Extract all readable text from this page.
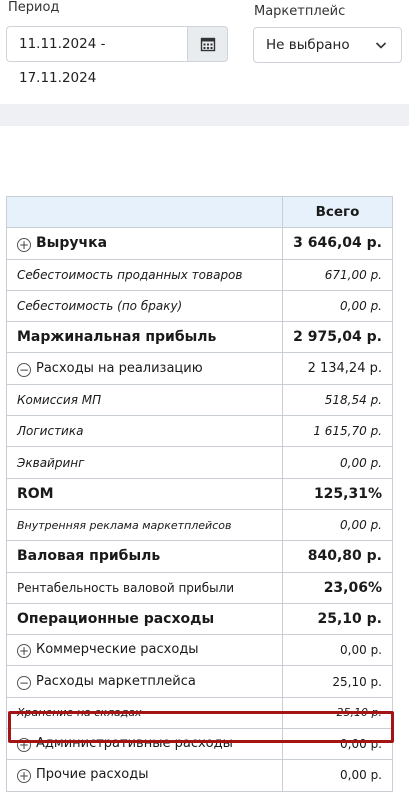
Период
11.11.2024 - 17.11.2024
Маркетплейс
Не выбрано
	Всего
+ Выручка	3 646,04 р.
Себестоимость проданных товаров	671,00 р.
Себестоимость (по браку)	0,00 р.
Маржинальная прибыль	2 975,04 р.
− Расходы на реализацию	2 134,24 р.
Комиссия МП	518,54 р.
Логистика	1 615,70 р.
Эквайринг	0,00 р.
ROM	125,31%
Внутренняя реклама маркетплейсов	0,00 р.
Валовая прибыль	840,80 р.
Рентабельность валовой прибыли	23,06%
Операционные расходы	25,10 р.
+ Коммерческие расходы	0,00 р.
− Расходы маркетплейса	25,10 р.
Хранение на складах	25,10 р.
+ Административные расходы	0,00 р.
+ Прочие расходы	0,00 р.
